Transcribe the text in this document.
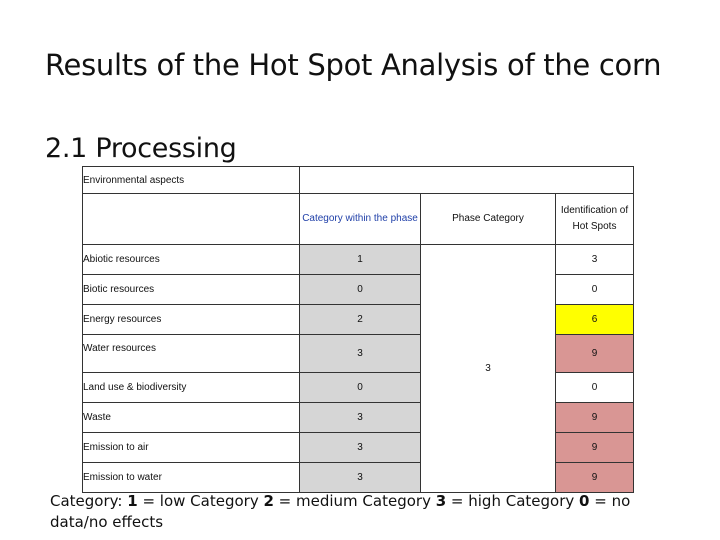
Results of the Hot Spot Analysis of the corn
2.1 Processing
Environmental aspects			
	Category within the phase	Phase Category	Identification of Hot Spots
Abiotic resources	1	3	3
Biotic resources	0		0
Energy resources	2		6
Water resources	3		9
Land use & biodiversity	0		0
Waste	3		9
Emission to air	3		9
Emission to water	3		9
Category: 1 = low Category 2 = medium Category 3 = high Category 0 = no data/no effects
